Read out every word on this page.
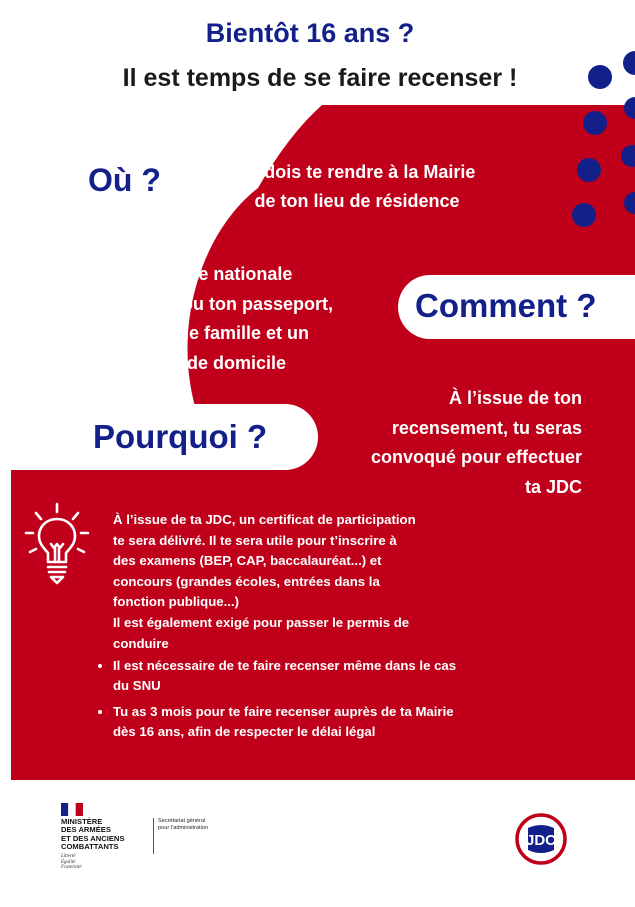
Bientôt 16 ans ?
Il est temps de se faire recenser !
Où ?	Tu dois te rendre à la Mairie
de ton lieu de résidence
Comment ?
Avec ta carte nationale
d’identité ou ton passeport,
ton livret de famille et un
justificatif de domicile
Pourquoi ?
À l’issue de ton
recensement, tu seras
convoqué pour effectuer
ta JDC
À l’issue de ta JDC, un certificat de participation
te sera délivré. Il te sera utile pour t’inscrire à
des examens (BEP, CAP, baccalauréat...) et
concours (grandes écoles, entrées dans la
fonction publique...)
Il est également exigé pour passer le permis de
conduire
• Il est nécessaire de te faire recenser même dans le cas du SNU
• Tu as 3 mois pour te faire recenser auprès de ta Mairie dès 16 ans, afin de respecter le délai légal
MINISTÈRE
DES ARMÉES
ET DES ANCIENS
COMBATTANTS
Liberté
Égalité
Fraternité
Secrétariat général
pour l’administration
JDC
